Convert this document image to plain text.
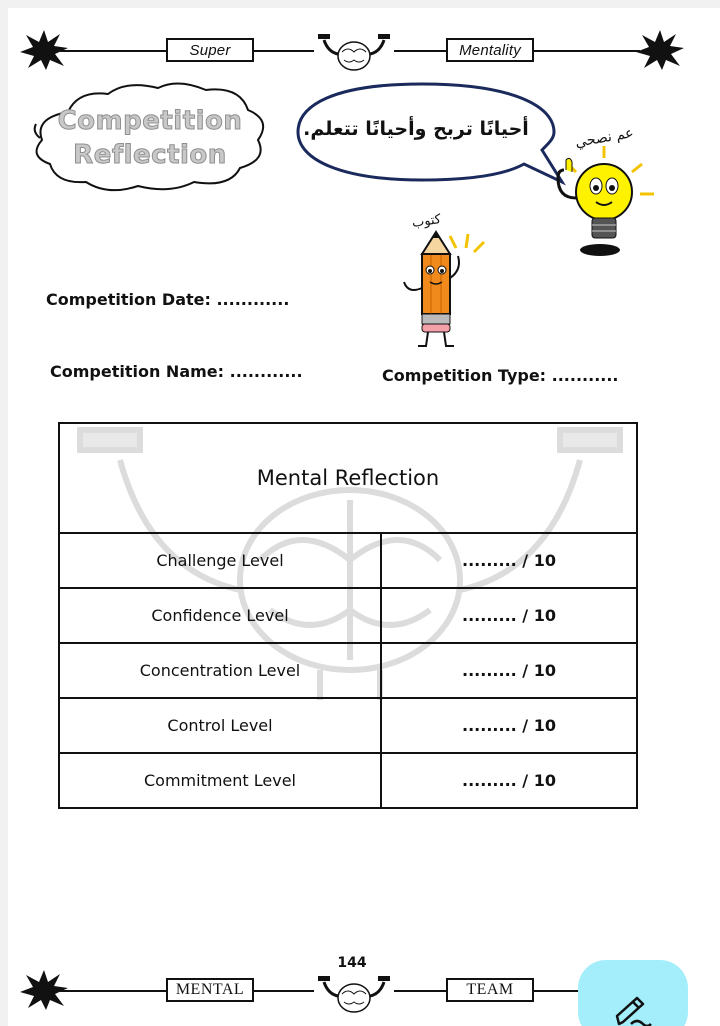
Super	Mentality
Competition
Reflection
أحيانًا تربح وأحيانًا تتعلم.	عم نصحي
كتوب
Competition Date: ............
Competition Name: ............	Competition Type: ...........
Mental Reflection	
Challenge Level	......... / 10
Confidence Level	......... / 10
Concentration Level	......... / 10
Control Level	......... / 10
Commitment Level	......... / 10
MENTAL
144
TEAM
